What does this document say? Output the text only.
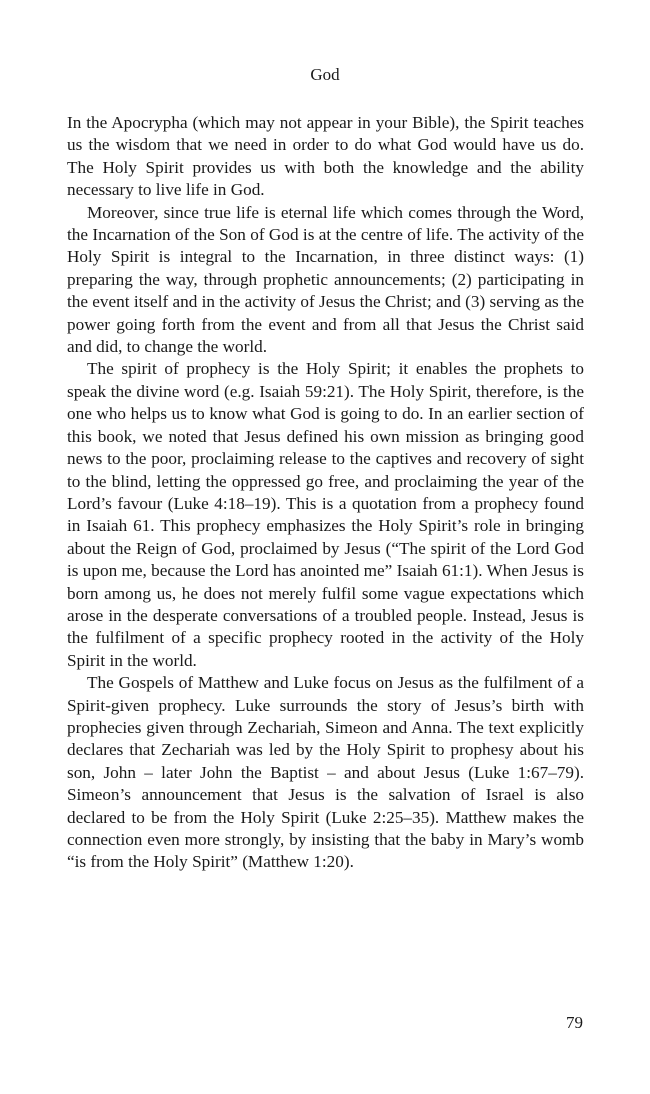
God

In the Apocrypha (which may not appear in your Bible), the Spirit teaches us the wisdom that we need in order to do what God would have us do. The Holy Spirit provides us with both the knowledge and the ability necessary to live life in God.

Moreover, since true life is eternal life which comes through the Word, the Incarnation of the Son of God is at the centre of life. The activity of the Holy Spirit is integral to the Incarnation, in three distinct ways: (1) preparing the way, through prophetic announcements; (2) participating in the event itself and in the activity of Jesus the Christ; and (3) serving as the power going forth from the event and from all that Jesus the Christ said and did, to change the world.

The spirit of prophecy is the Holy Spirit; it enables the prophets to speak the divine word (e.g. Isaiah 59:21). The Holy Spirit, therefore, is the one who helps us to know what God is going to do. In an earlier section of this book, we noted that Jesus defined his own mission as bringing good news to the poor, proclaiming release to the captives and recovery of sight to the blind, letting the oppressed go free, and proclaiming the year of the Lord’s favour (Luke 4:18–19). This is a quotation from a prophecy found in Isaiah 61. This prophecy emphasizes the Holy Spirit’s role in bringing about the Reign of God, proclaimed by Jesus (“The spirit of the Lord God is upon me, because the Lord has anointed me” Isaiah 61:1). When Jesus is born among us, he does not merely fulfil some vague expectations which arose in the desperate conversations of a troubled people. Instead, Jesus is the fulfilment of a specific prophecy rooted in the activity of the Holy Spirit in the world.

The Gospels of Matthew and Luke focus on Jesus as the fulfilment of a Spirit-given prophecy. Luke surrounds the story of Jesus’s birth with prophecies given through Zechariah, Simeon and Anna. The text explicitly declares that Zechariah was led by the Holy Spirit to prophesy about his son, John – later John the Baptist – and about Jesus (Luke 1:67–79). Simeon’s announcement that Jesus is the salvation of Israel is also declared to be from the Holy Spirit (Luke 2:25–35). Matthew makes the connection even more strongly, by insisting that the baby in Mary’s womb “is from the Holy Spirit” (Matthew 1:20).

79
